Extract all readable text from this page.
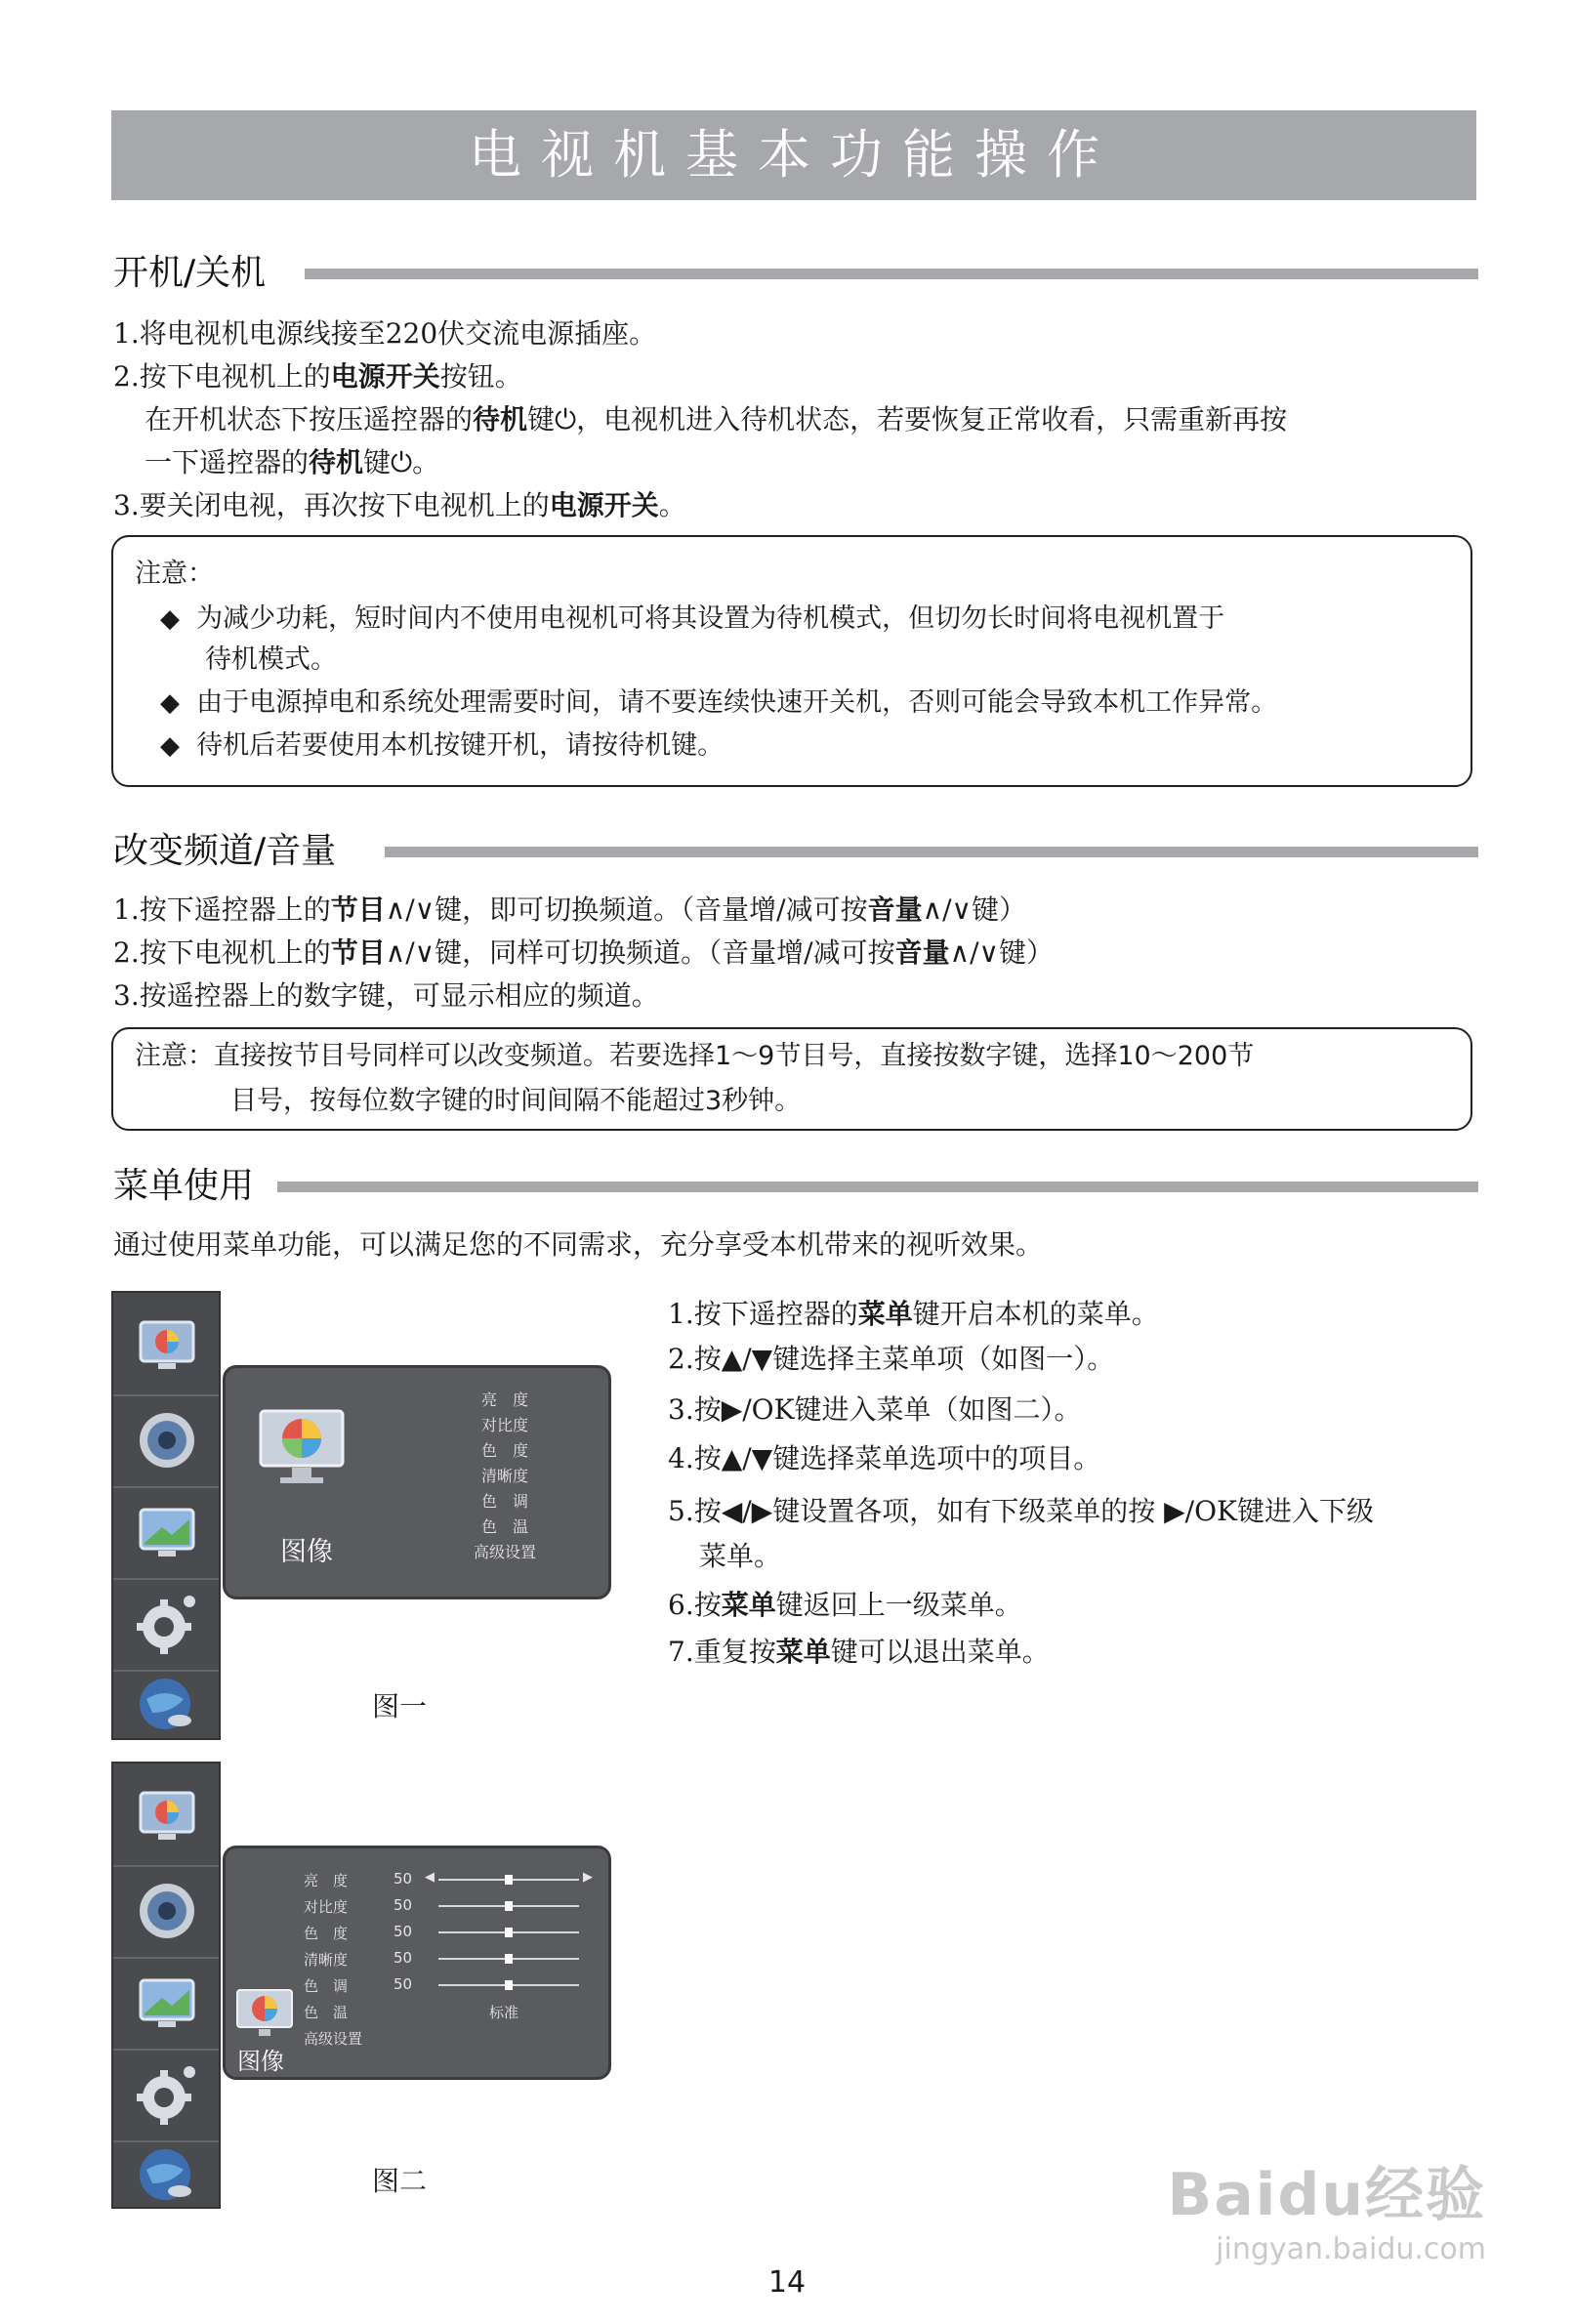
电视机基本功能操作
开机/关机
1.将电视机电源线接至220伏交流电源插座。
2.按下电视机上的电源开关按钮。
在开机状态下按压遥控器的待机键⏻，电视机进入待机状态，若要恢复正常收看，只需重新再按
一下遥控器的待机键⏻。
3.要关闭电视，再次按下电视机上的电源开关。
注意：
◆ 为减少功耗，短时间内不使用电视机可将其设置为待机模式，但切勿长时间将电视机置于
待机模式。
◆ 由于电源掉电和系统处理需要时间，请不要连续快速开关机，否则可能会导致本机工作异常。
◆ 待机后若要使用本机按键开机，请按待机键。
改变频道/音量
1.按下遥控器上的节目∧/∨键，即可切换频道。（音量增/减可按音量∧/∨键）
2.按下电视机上的节目∧/∨键，同样可切换频道。（音量增/减可按音量∧/∨键）
3.按遥控器上的数字键，可显示相应的频道。
注意：直接按节目号同样可以改变频道。若要选择1～9节目号，直接按数字键，选择10～200节
目号，按每位数字键的时间间隔不能超过3秒钟。
菜单使用
通过使用菜单功能，可以满足您的不同需求，充分享受本机带来的视听效果。
图像
亮　度
对比度
色　度
清晰度
色　调
色　温
高级设置
图一
图像
亮　度	50 ◀	▶
对比度	50
色　度	50
清晰度	50
色　调	50
色　温	标准
高级设置
图二
1.按下遥控器的菜单键开启本机的菜单。
2.按▲/▼键选择主菜单项（如图一）。
3.按▶/OK键进入菜单（如图二）。
4.按▲/▼键选择菜单选项中的项目。
5.按◀/▶键设置各项，如有下级菜单的按 ▶/OK键进入下级
菜单。
6.按菜单键返回上一级菜单。
7.重复按菜单键可以退出菜单。
14
Baidu经验
jingyan.baidu.com
